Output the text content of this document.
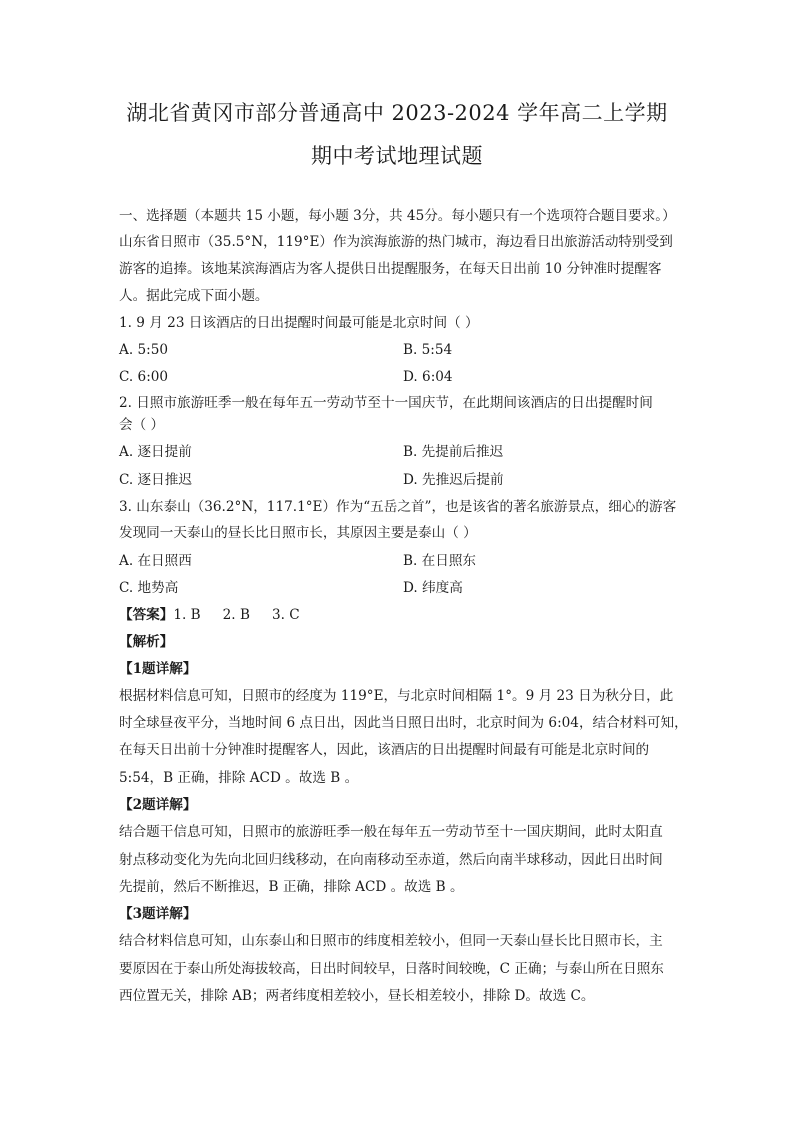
湖北省黄冈市部分普通高中 2023-2024 学年高二上学期
期中考试地理试题
一、选择题（本题共 15 小题，每小题 3分，共 45分。每小题只有一个选项符合题目要求。）
山东省日照市（35.5°N，119°E）作为滨海旅游的热门城市，海边看日出旅游活动特别受到
游客的追捧。该地某滨海酒店为客人提供日出提醒服务，在每天日出前 10 分钟准时提醒客
人。据此完成下面小题。
1. 9 月 23 日该酒店的日出提醒时间最可能是北京时间（ ）
A. 5:50	B. 5:54
C. 6:00	D. 6:04
2. 日照市旅游旺季一般在每年五一劳动节至十一国庆节，在此期间该酒店的日出提醒时间
会（ ）
A. 逐日提前	B. 先提前后推迟
C. 逐日推迟	D. 先推迟后提前
3. 山东泰山（36.2°N，117.1°E）作为“五岳之首”，也是该省的著名旅游景点，细心的游客
发现同一天泰山的昼长比日照市长，其原因主要是泰山（ ）
A. 在日照西	B. 在日照东
C. 地势高	D. 纬度高
【答案】1. B 2. B 3. C
【解析】
【1题详解】
根据材料信息可知，日照市的经度为 119°E，与北京时间相隔 1°。9 月 23 日为秋分日，此
时全球昼夜平分，当地时间 6 点日出，因此当日照日出时，北京时间为 6:04，结合材料可知，
在每天日出前十分钟准时提醒客人，因此，该酒店的日出提醒时间最有可能是北京时间的
5:54，B 正确，排除 ACD 。故选 B 。
【2题详解】
结合题干信息可知，日照市的旅游旺季一般在每年五一劳动节至十一国庆期间，此时太阳直
射点移动变化为先向北回归线移动，在向南移动至赤道，然后向南半球移动，因此日出时间
先提前，然后不断推迟，B 正确，排除 ACD 。故选 B 。
【3题详解】
结合材料信息可知，山东泰山和日照市的纬度相差较小，但同一天泰山昼长比日照市长，主
要原因在于泰山所处海拔较高，日出时间较早，日落时间较晚，C 正确；与泰山所在日照东
西位置无关，排除 AB；两者纬度相差较小，昼长相差较小，排除 D。故选 C。
